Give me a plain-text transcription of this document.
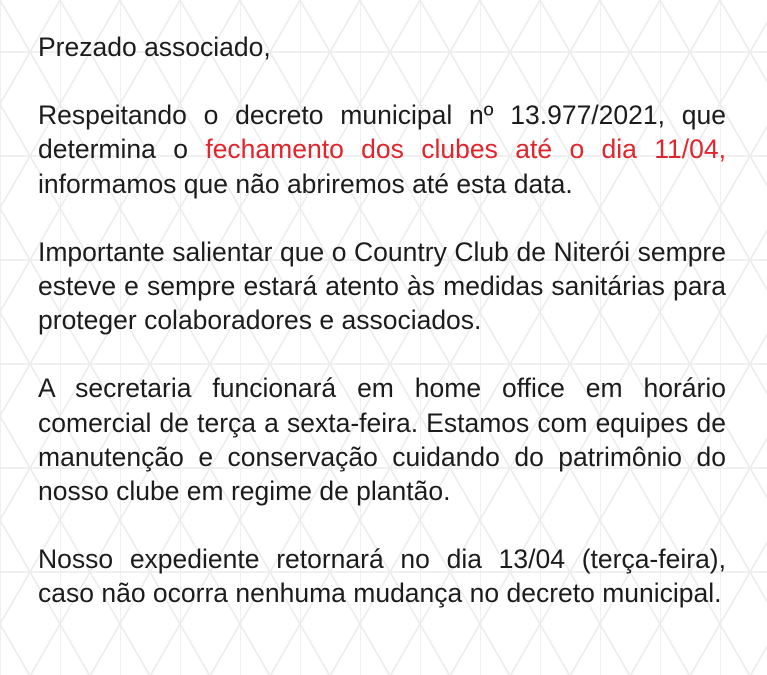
Prezado associado,

Respeitando o decreto municipal nº 13.977/2021, que determina o fechamento dos clubes até o dia 11/04, informamos que não abriremos até esta data.

Importante salientar que o Country Club de Niterói sempre esteve e sempre estará atento às medidas sanitárias para proteger colaboradores e associados.

A secretaria funcionará em home office em horário comercial de terça a sexta-feira. Estamos com equipes de manutenção e conservação cuidando do patrimônio do nosso clube em regime de plantão.

Nosso expediente retornará no dia 13/04 (terça-feira), caso não ocorra nenhuma mudança no decreto municipal.
